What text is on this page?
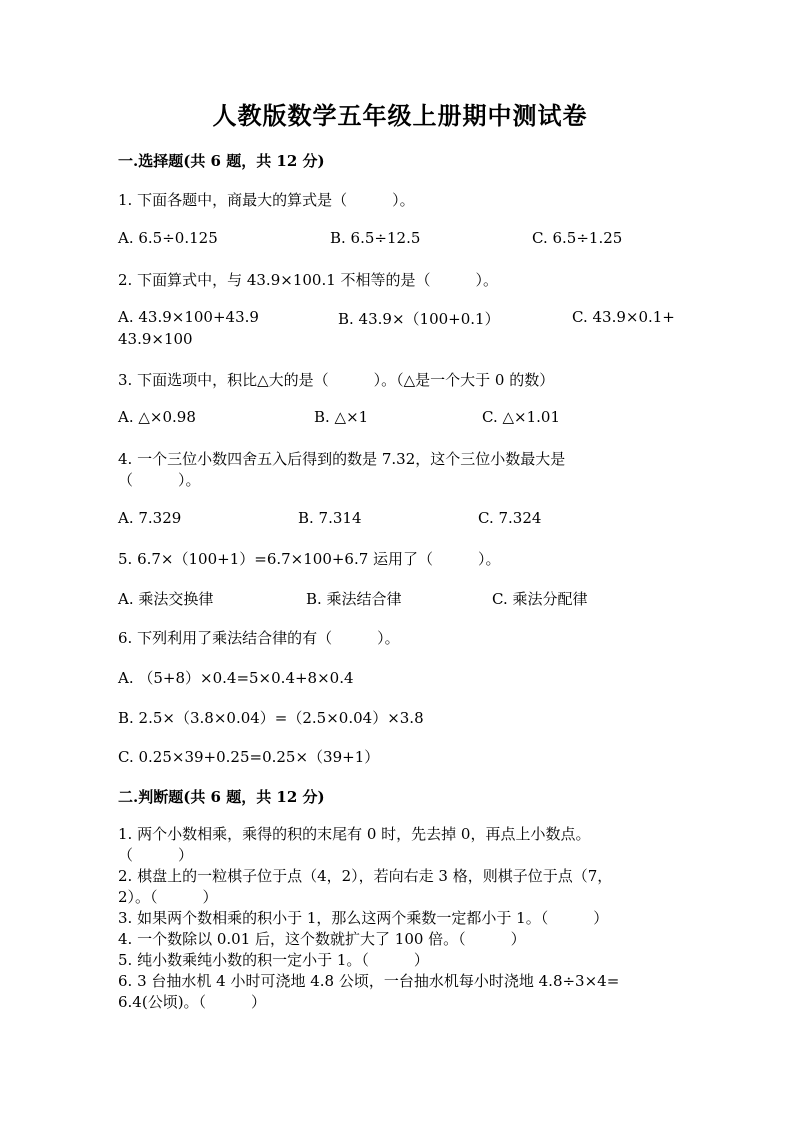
人教版数学五年级上册期中测试卷
一.选择题(共 6 题，共 12 分)
1. 下面各题中，商最大的算式是（　　　）。
A. 6.5÷0.125	B. 6.5÷12.5	C. 6.5÷1.25
2. 下面算式中，与 43.9×100.1 不相等的是（　　　）。
A. 43.9×100+43.9	B. 43.9×（100+0.1）	C. 43.9×0.1+
43.9×100
3. 下面选项中，积比△大的是（　　　）。（△是一个大于 0 的数）
A. △×0.98	B. △×1	C. △×1.01
4. 一个三位小数四舍五入后得到的数是 7.32，这个三位小数最大是
（　　　）。
A. 7.329	B. 7.314	C. 7.324
5. 6.7×（100+1）=6.7×100+6.7 运用了（　　　）。
A. 乘法交换律	B. 乘法结合律	C. 乘法分配律
6. 下列利用了乘法结合律的有（　　　）。
A. （5+8）×0.4=5×0.4+8×0.4
B. 2.5×（3.8×0.04）=（2.5×0.04）×3.8
C. 0.25×39+0.25=0.25×（39+1）
二.判断题(共 6 题，共 12 分)
1. 两个小数相乘，乘得的积的末尾有 0 时，先去掉 0，再点上小数点。
（　　　）
2. 棋盘上的一粒棋子位于点（4，2），若向右走 3 格，则棋子位于点（7，
2）。（　　　）
3. 如果两个数相乘的积小于 1，那么这两个乘数一定都小于 1。（　　　）
4. 一个数除以 0.01 后，这个数就扩大了 100 倍。（　　　）
5. 纯小数乘纯小数的积一定小于 1。（　　　）
6. 3 台抽水机 4 小时可浇地 4.8 公顷，一台抽水机每小时浇地 4.8÷3×4=
6.4(公顷)。（　　　）
